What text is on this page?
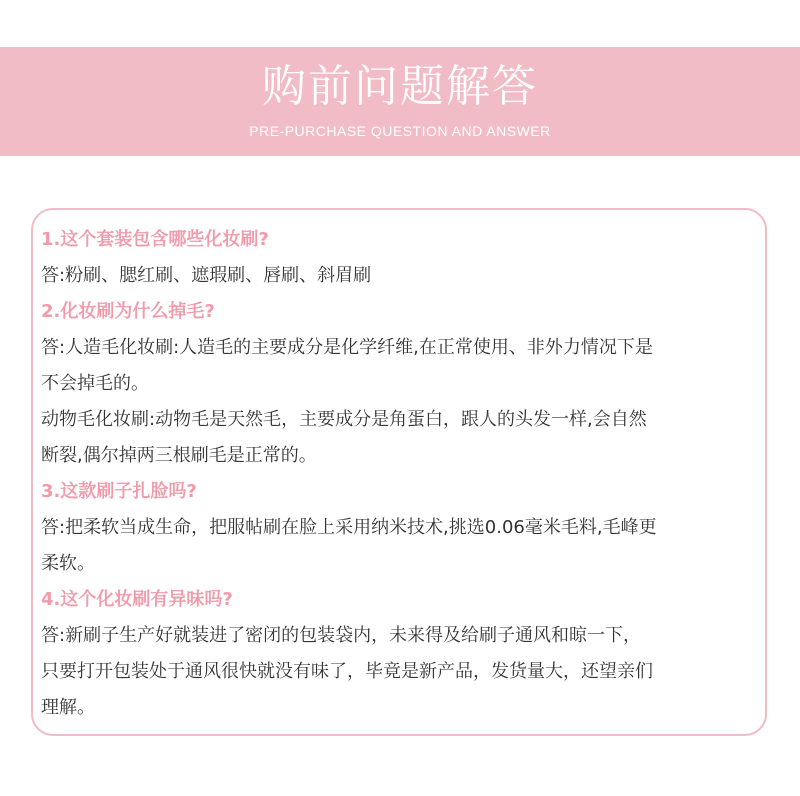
购前问题解答
PRE-PURCHASE QUESTION AND ANSWER
1.这个套装包含哪些化妆刷?
答:粉刷、腮红刷、遮瑕刷、唇刷、斜眉刷
2.化妆刷为什么掉毛?
答:人造毛化妆刷:人造毛的主要成分是化学纤维,在正常使用、非外力情况下是
不会掉毛的。
动物毛化妆刷:动物毛是天然毛，主要成分是角蛋白，跟人的头发一样,会自然
断裂,偶尔掉两三根刷毛是正常的。
3.这款刷子扎脸吗?
答:把柔软当成生命，把服帖刷在脸上采用纳米技术,挑选0.06毫米毛料,毛峰更
柔软。
4.这个化妆刷有异味吗?
答:新刷子生产好就装进了密闭的包装袋内，未来得及给刷子通风和晾一下，
只要打开包装处于通风很快就没有味了，毕竟是新产品，发货量大，还望亲们
理解。
